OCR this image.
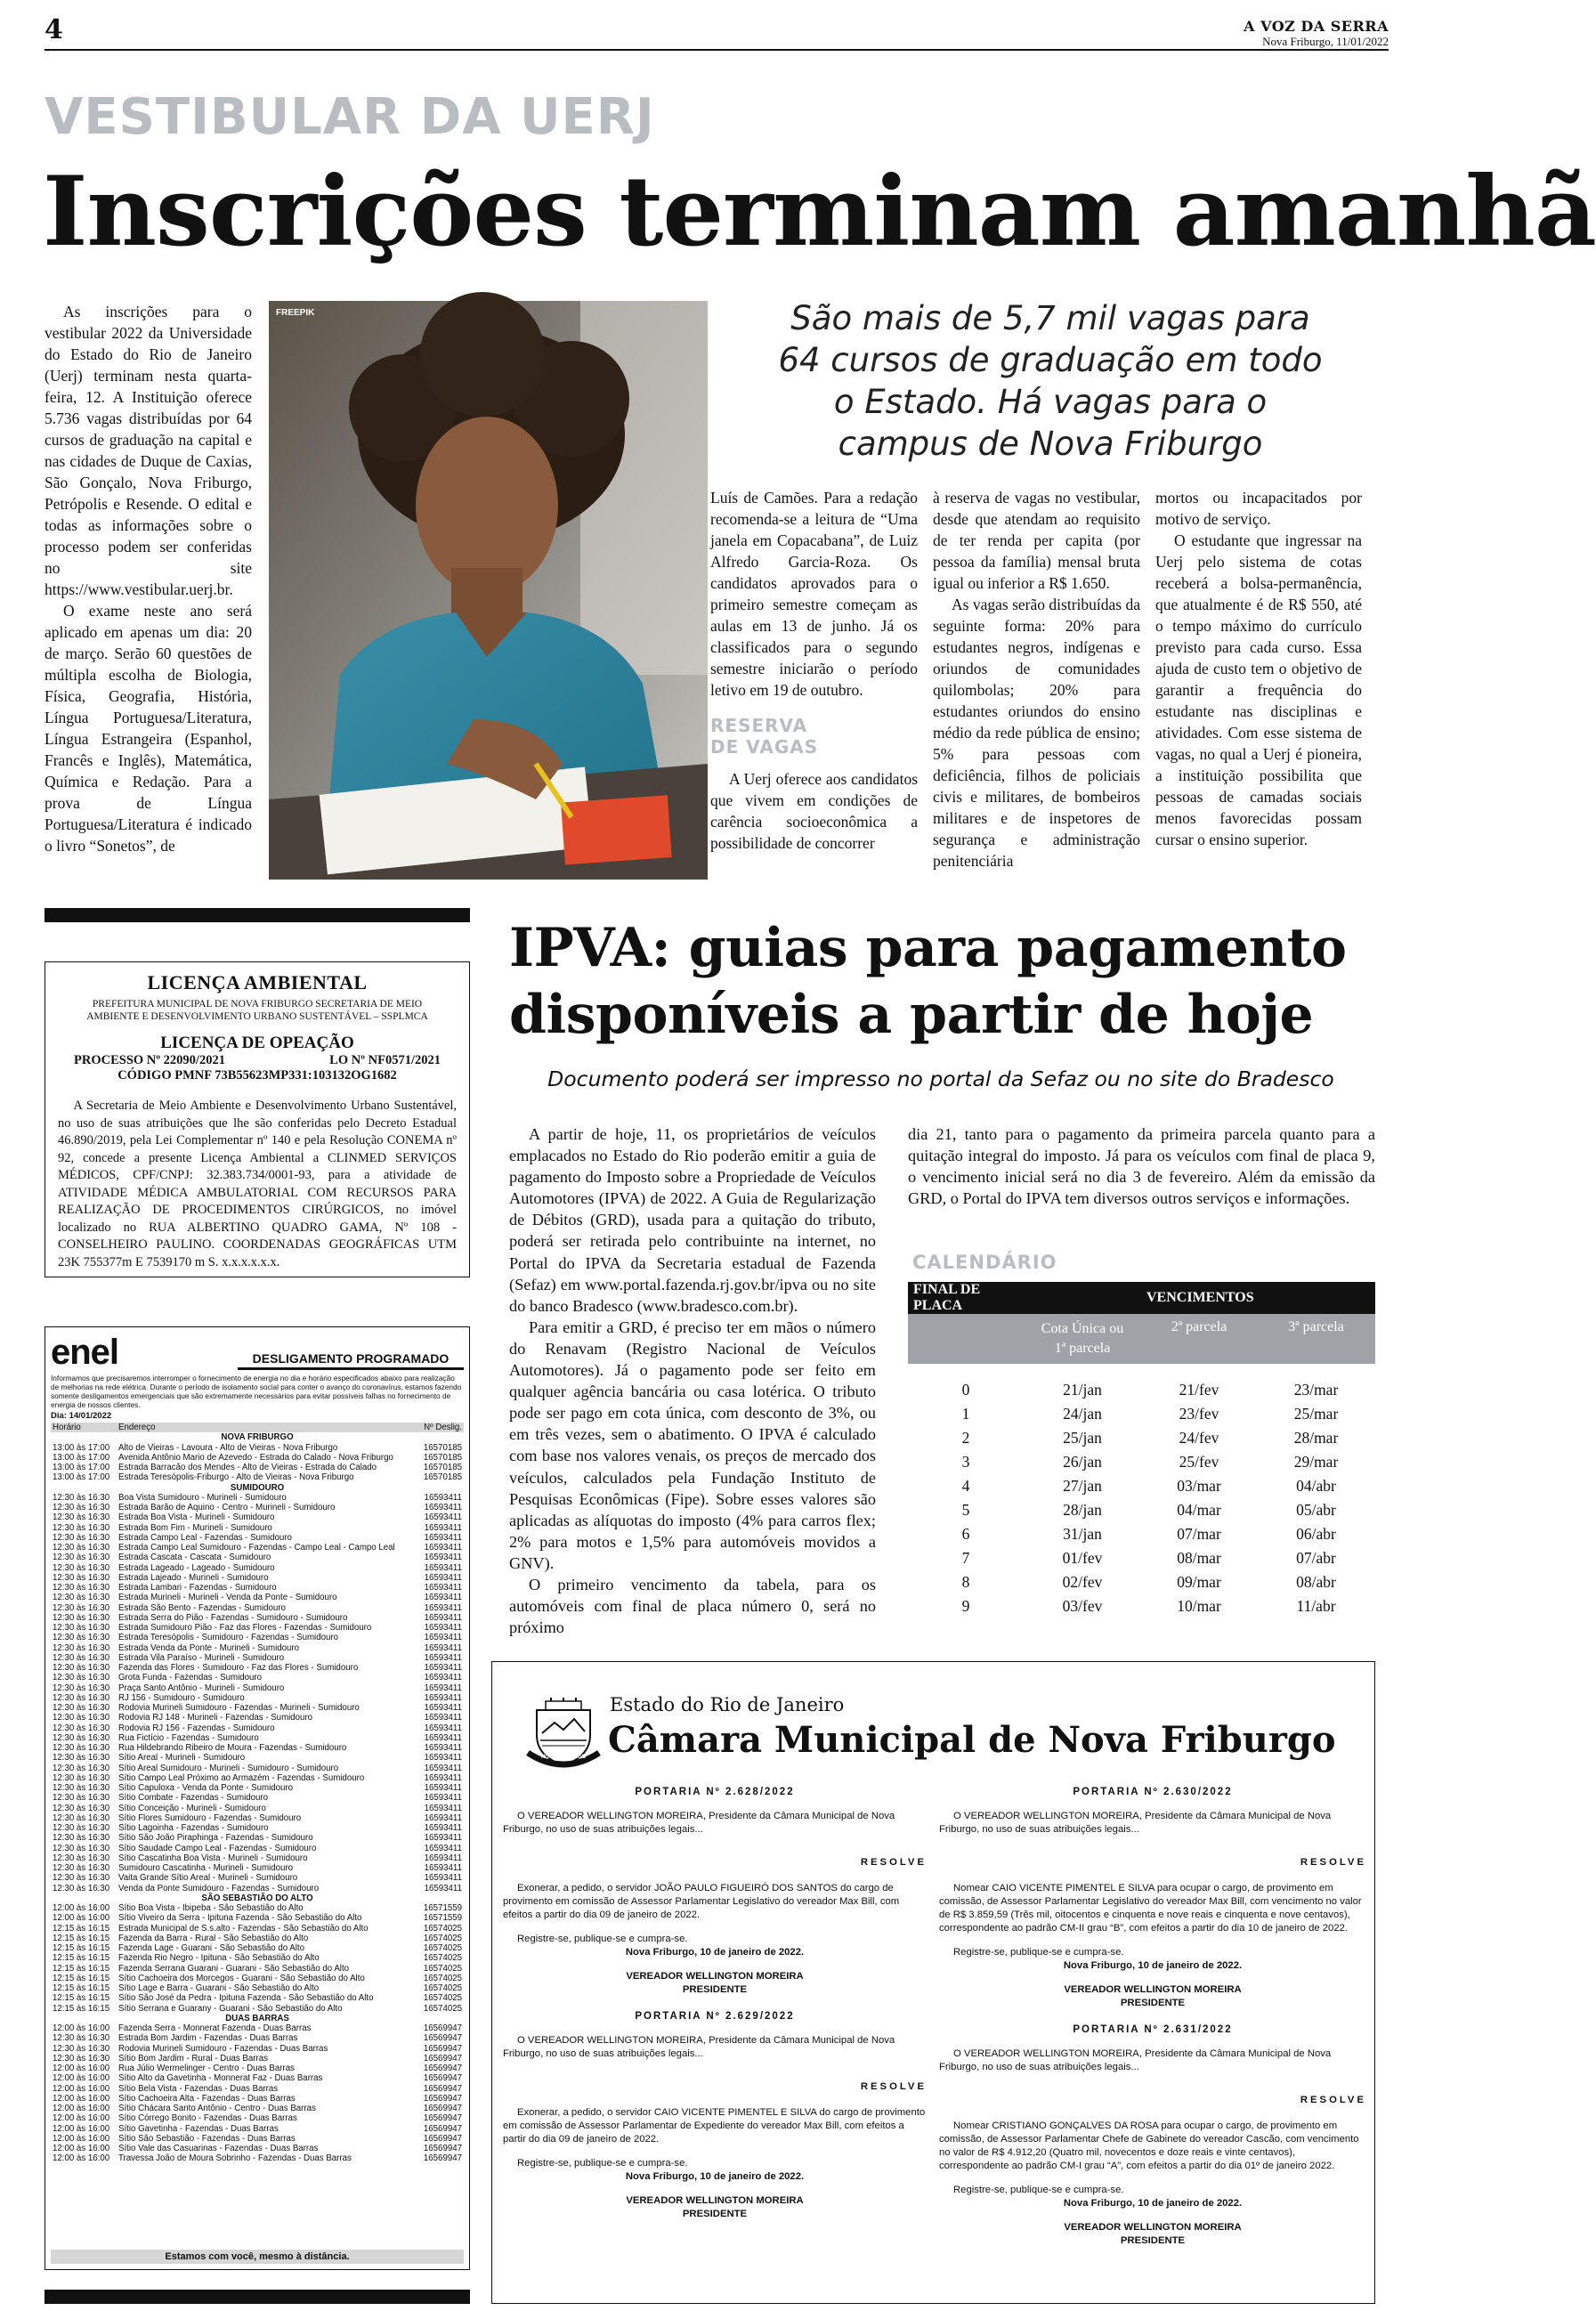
4	A VOZ DA SERRA
Nova Friburgo, 11/01/2022
VESTIBULAR DA UERJ
Inscrições terminam amanhã

As inscrições para o vestibular 2022 da Universidade do Estado do Rio de Janeiro (Uerj) terminam nesta quarta-feira, 12. A Instituição oferece 5.736 vagas distribuídas por 64 cursos de graduação na capital e nas cidades de Duque de Caxias, São Gonçalo, Nova Friburgo, Petrópolis e Resende. O edital e todas as informações sobre o processo podem ser conferidas no site https://www.vestibular.uerj.br.

O exame neste ano será aplicado em apenas um dia: 20 de março. Serão 60 questões de múltipla escolha de Biologia, Física, Geografia, História, Língua Portuguesa/Literatura, Língua Estrangeira (Espanhol, Francês e Inglês), Matemática, Química e Redação. Para a prova de Língua Portuguesa/Literatura é indicado o livro “Sonetos”, de

FREEPIK	São mais de 5,7 mil vagas para 64 cursos de graduação em todo o Estado. Há vagas para o campus de Nova Friburgo

Luís de Camões. Para a redação recomenda-se a leitura de “Uma janela em Copacabana”, de Luiz Alfredo Garcia-Roza. Os candidatos aprovados para o primeiro semestre começam as aulas em 13 de junho. Já os classificados para o segundo semestre iniciarão o período letivo em 19 de outubro.

RESERVA DE VAGAS

A Uerj oferece aos candidatos que vivem em condições de carência socioeconômica a possibilidade de concorrer

à reserva de vagas no vestibular, desde que atendam ao requisito de ter renda per capita (por pessoa da família) mensal bruta igual ou inferior a R$ 1.650.

As vagas serão distribuídas da seguinte forma: 20% para estudantes negros, indígenas e oriundos de comunidades quilombolas; 20% para estudantes oriundos do ensino médio da rede pública de ensino; 5% para pessoas com deficiência, filhos de policiais civis e militares, de bombeiros militares e de inspetores de segurança e administração penitenciária

mortos ou incapacitados por motivo de serviço.

O estudante que ingressar na Uerj pelo sistema de cotas receberá a bolsa-permanência, que atualmente é de R$ 550, até o tempo máximo do currículo previsto para cada curso. Essa ajuda de custo tem o objetivo de garantir a frequência do estudante nas disciplinas e atividades. Com esse sistema de vagas, no qual a Uerj é pioneira, a instituição possibilita que pessoas de camadas sociais menos favorecidas possam cursar o ensino superior.

LICENÇA AMBIENTAL
PREFEITURA MUNICIPAL DE NOVA FRIBURGO SECRETARIA DE MEIO AMBIENTE E DESENVOLVIMENTO URBANO SUSTENTÁVEL – SSPLMCA
LICENÇA DE OPEAÇÃO
PROCESSO Nº 22090/2021	LO Nº NF0571/2021
CÓDIGO PMNF 73B55623MP331:103132OG1682

A Secretaria de Meio Ambiente e Desenvolvimento Urbano Sustentável, no uso de suas atribuições que lhe são conferidas pelo Decreto Estadual 46.890/2019, pela Lei Complementar nº 140 e pela Resolução CONEMA nº 92, concede a presente Licença Ambiental a CLINMED SERVIÇOS MÉDICOS, CPF/CNPJ: 32.383.734/0001-93, para a atividade de ATIVIDADE MÉDICA AMBULATORIAL COM RECURSOS PARA REALIZAÇÃO DE PROCEDIMENTOS CIRÚRGICOS, no imóvel localizado no RUA ALBERTINO QUADRO GAMA, Nº 108 - CONSELHEIRO PAULINO. COORDENADAS GEOGRÁFICAS UTM 23K 755377m E 7539170 m S. x.x.x.x.x.x.

enel	DESLIGAMENTO PROGRAMADO

Informamos que precisaremos interromper o fornecimento de energia no dia e horário especificados abaixo para realização de melhorias na rede elétrica. Durante o período de isolamento social para conter o avanço do coronavírus, estamos fazendo somente desligamentos emergenciais que são extremamente necessários para evitar possíveis falhas no fornecimento de energia de nossos clientes.

Dia: 14/01/2022
Horário	Endereço	Nº Deslig.
NOVA FRIBURGO		
13:00 às 17:00	Alto de Vieiras - Lavoura - Alto de Vieiras - Nova Friburgo	16570185
13:00 às 17:00	Avenida Antônio Mario de Azevedo - Estrada do Calado - Nova Friburgo	16570185
13:00 às 17:00	Estrada Barracão dos Mendes - Alto de Vieiras - Estrada do Calado	16570185
13:00 às 17:00	Estrada Teresópolis-Friburgo - Alto de Vieiras - Nova Friburgo	16570185
SUMIDOURO		
12:30 às 16:30	Boa Vista Sumidouro - Murineli - Sumidouro	16593411
12:30 às 16:30	Estrada Barão de Aquino - Centro - Murineli - Sumidouro	16593411
12:30 às 16:30	Estrada Boa Vista - Murineli - Sumidouro	16593411
12:30 às 16:30	Estrada Bom Fim - Murineli - Sumidouro	16593411
12:30 às 16:30	Estrada Campo Leal - Fazendas - Sumidouro	16593411
12:30 às 16:30	Estrada Campo Leal Sumidouro - Fazendas - Campo Leal - Campo Leal	16593411
12:30 às 16:30	Estrada Cascata - Cascata - Sumidouro	16593411
12:30 às 16:30	Estrada Lageado - Lageado - Sumidouro	16593411
12:30 às 16:30	Estrada Lajeado - Murineli - Sumidouro	16593411
12:30 às 16:30	Estrada Lambari - Fazendas - Sumidouro	16593411
12:30 às 16:30	Estrada Murineli - Murineli - Venda da Ponte - Sumidouro	16593411
12:30 às 16:30	Estrada São Bento - Fazendas - Sumidouro	16593411
12:30 às 16:30	Estrada Serra do Pião - Fazendas - Sumidouro - Sumidouro	16593411
12:30 às 16:30	Estrada Sumidouro Pião - Faz das Flores - Fazendas - Sumidouro	16593411
12:30 às 16:30	Estrada Teresópolis - Sumidouro - Fazendas - Sumidouro	16593411
12:30 às 16:30	Estrada Venda da Ponte - Murineli - Sumidouro	16593411
12:30 às 16:30	Estrada Vila Paraíso - Murineli - Sumidouro	16593411
12:30 às 16:30	Fazenda das Flores - Sumidouro - Faz das Flores - Sumidouro	16593411
12:30 às 16:30	Grota Funda - Fazendas - Sumidouro	16593411
12:30 às 16:30	Praça Santo Antônio - Murineli - Sumidouro	16593411
12:30 às 16:30	RJ 156 - Sumidouro - Sumidouro	16593411
12:30 às 16:30	Rodovia Murineli Sumidouro - Fazendas - Murineli - Sumidouro	16593411
12:30 às 16:30	Rodovia RJ 148 - Murineli - Fazendas - Sumidouro	16593411
12:30 às 16:30	Rodovia RJ 156 - Fazendas - Sumidouro	16593411
12:30 às 16:30	Rua Fictício - Fazendas - Sumidouro	16593411
12:30 às 16:30	Rua Hildebrando Ribeiro de Moura - Fazendas - Sumidouro	16593411
12:30 às 16:30	Sítio Areal - Murineli - Sumidouro	16593411
12:30 às 16:30	Sítio Areal Sumidouro - Murineli - Sumidouro - Sumidouro	16593411
12:30 às 16:30	Sítio Campo Leal Próximo ao Armazém - Fazendas - Sumidouro	16593411
12:30 às 16:30	Sítio Capuloxa - Venda da Ponte - Sumidouro	16593411
12:30 às 16:30	Sítio Combate - Fazendas - Sumidouro	16593411
12:30 às 16:30	Sítio Conceição - Murineli - Sumidouro	16593411
12:30 às 16:30	Sítio Flores Sumidouro - Fazendas - Sumidouro	16593411
12:30 às 16:30	Sítio Lagoinha - Fazendas - Sumidouro	16593411
12:30 às 16:30	Sítio São João Piraphinga - Fazendas - Sumidouro	16593411
12:30 às 16:30	Sítio Saudade Campo Leal - Fazendas - Sumidouro	16593411
12:30 às 16:30	Sítio Cascatinha Boa Vista - Murineli - Sumidouro	16593411
12:30 às 16:30	Sumidouro Cascatinha - Murineli - Sumidouro	16593411
12:30 às 16:30	Vaita Grande Sítio Areal - Murineli - Sumidouro	16593411
12:30 às 16:30	Venda da Ponte Sumidouro - Fazendas - Sumidouro	16593411
SÃO SEBASTIÃO DO ALTO		
12:00 às 16:00	Sítio Boa Vista - Ibipeba - São Sebastião do Alto	16571559
12:00 às 16:00	Sítio Viveiro da Serra - Ipituna Fazenda - São Sebastião do Alto	16571559
12:15 às 16:15	Estrada Municipal de S.s.alto - Fazendas - São Sebastião do Alto	16574025
12:15 às 16:15	Fazenda da Barra - Rural - São Sebastião do Alto	16574025
12:15 às 16:15	Fazenda Lage - Guarani - São Sebastião do Alto	16574025
12:15 às 16:15	Fazenda Rio Negro - Ipituna - São Sebastião do Alto	16574025
12:15 às 16:15	Fazenda Serrana Guarani - Guarani - São Sebastião do Alto	16574025
12:15 às 16:15	Sítio Cachoeira dos Morcegos - Guarani - São Sebastião do Alto	16574025
12:15 às 16:15	Sítio Lage e Barra - Guarani - São Sebastião do Alto	16574025
12:15 às 16:15	Sítio São José da Pedra - Ipituna Fazenda - São Sebastião do Alto	16574025
12:15 às 16:15	Sítio Serrana e Guarany - Guarani - São Sebastião do Alto	16574025
DUAS BARRAS		
12:00 às 16:00	Fazenda Serra - Monnerat Fazenda - Duas Barras	16569947
12:30 às 16:30	Estrada Bom Jardim - Fazendas - Duas Barras	16569947
12:30 às 16:30	Rodovia Murineli Sumidouro - Fazendas - Duas Barras	16569947
12:30 às 16:30	Sítio Bom Jardim - Rural - Duas Barras	16569947
12:00 às 16:00	Rua Júlio Wermelinger - Centro - Duas Barras	16569947
12:00 às 16:00	Sítio Alto da Gavetinha - Monnerat Faz - Duas Barras	16569947
12:00 às 16:00	Sítio Bela Vista - Fazendas - Duas Barras	16569947
12:00 às 16:00	Sítio Cachoeira Alta - Fazendas - Duas Barras	16569947
12:00 às 16:00	Sítio Chácara Santo Antônio - Centro - Duas Barras	16569947
12:00 às 16:00	Sítio Córrego Bonito - Fazendas - Duas Barras	16569947
12:00 às 16:00	Sítio Gavetinha - Fazendas - Duas Barras	16569947
12:00 às 16:00	Sítio São Sebastião - Fazendas - Duas Barras	16569947
12:00 às 16:00	Sítio Vale das Casuarinas - Fazendas - Duas Barras	16569947
12:00 às 16:00	Travessa João de Moura Sobrinho - Fazendas - Duas Barras	16569947
Estamos com você, mesmo à distância.
IPVA: guias para pagamento disponíveis a partir de hoje
Documento poderá ser impresso no portal da Sefaz ou no site do Bradesco

A partir de hoje, 11, os proprietários de veículos emplacados no Estado do Rio poderão emitir a guia de pagamento do Imposto sobre a Propriedade de Veículos Automotores (IPVA) de 2022. A Guia de Regularização de Débitos (GRD), usada para a quitação do tributo, poderá ser retirada pelo contribuinte na internet, no Portal do IPVA da Secretaria estadual de Fazenda (Sefaz) em www.portal.fazenda.rj.gov.br/ipva ou no site do banco Bradesco (www.bradesco.com.br).

Para emitir a GRD, é preciso ter em mãos o número do Renavam (Registro Nacional de Veículos Automotores). Já o pagamento pode ser feito em qualquer agência bancária ou casa lotérica. O tributo pode ser pago em cota única, com desconto de 3%, ou em três vezes, sem o abatimento. O IPVA é calculado com base nos valores venais, os preços de mercado dos veículos, calculados pela Fundação Instituto de Pesquisas Econômicas (Fipe). Sobre esses valores são aplicadas as alíquotas do imposto (4% para carros flex; 2% para motos e 1,5% para automóveis movidos a GNV).

O primeiro vencimento da tabela, para os automóveis com final de placa número 0, será no próximo

dia 21, tanto para o pagamento da primeira parcela quanto para a quitação integral do imposto. Já para os veículos com final de placa 9, o vencimento inicial será no dia 3 de fevereiro. Além da emissão da GRD, o Portal do IPVA tem diversos outros serviços e informações.

CALENDÁRIO
FINAL DE PLACA		VENCIMENTOS	
	Cota Única ou 1ª parcela	2ª parcela	3ª parcela

0	21/jan	21/fev	23/mar
1	24/jan	23/fev	25/mar
2	25/jan	24/fev	28/mar
3	26/jan	25/fev	29/mar
4	27/jan	03/mar	04/abr
5	28/jan	04/mar	05/abr
6	31/jan	07/mar	06/abr
7	01/fev	08/mar	07/abr
8	02/fev	09/mar	08/abr
9	03/fev	10/mar	11/abr
NOVA FRIBURGO
Estado do Rio de Janeiro
Câmara Municipal de Nova Friburgo
PORTARIA Nº 2.628/2022

O VEREADOR WELLINGTON MOREIRA, Presidente da Câmara Municipal de Nova Friburgo, no uso de suas atribuições legais...

RESOLVE

Exonerar, a pedido, o servidor JOÃO PAULO FIGUEIRÓ DOS SANTOS do cargo de provimento em comissão de Assessor Parlamentar Legislativo do vereador Max Bill, com efeitos a partir do dia 09 de janeiro de 2022.

Registre-se, publique-se e cumpra-se.

Nova Friburgo, 10 de janeiro de 2022.

VEREADOR WELLINGTON MOREIRA

PRESIDENTE

PORTARIA Nº 2.629/2022

O VEREADOR WELLINGTON MOREIRA, Presidente da Câmara Municipal de Nova Friburgo, no uso de suas atribuições legais...

RESOLVE

Exonerar, a pedido, o servidor CAIO VICENTE PIMENTEL E SILVA do cargo de provimento em comissão de Assessor Parlamentar de Expediente do vereador Max Bill, com efeitos a partir do dia 09 de janeiro de 2022.

Registre-se, publique-se e cumpra-se.

Nova Friburgo, 10 de janeiro de 2022.

VEREADOR WELLINGTON MOREIRA

PRESIDENTE

PORTARIA Nº 2.630/2022

O VEREADOR WELLINGTON MOREIRA, Presidente da Câmara Municipal de Nova Friburgo, no uso de suas atribuições legais...

RESOLVE

Nomear CAIO VICENTE PIMENTEL E SILVA para ocupar o cargo, de provimento em comissão, de Assessor Parlamentar Legislativo do vereador Max Bill, com vencimento no valor de R$ 3.859,59 (Três mil, oitocentos e cinquenta e nove reais e cinquenta e nove centavos), correspondente ao padrão CM-II grau “B”, com efeitos a partir do dia 10 de janeiro de 2022.

Registre-se, publique-se e cumpra-se.

Nova Friburgo, 10 de janeiro de 2022.

VEREADOR WELLINGTON MOREIRA

PRESIDENTE

PORTARIA Nº 2.631/2022

O VEREADOR WELLINGTON MOREIRA, Presidente da Câmara Municipal de Nova Friburgo, no uso de suas atribuições legais...

RESOLVE

Nomear CRISTIANO GONÇALVES DA ROSA para ocupar o cargo, de provimento em comissão, de Assessor Parlamentar Chefe de Gabinete do vereador Cascão, com vencimento no valor de R$ 4.912,20 (Quatro mil, novecentos e doze reais e vinte centavos), correspondente ao padrão CM-I grau “A”, com efeitos a partir do dia 01º de janeiro 2022.

Registre-se, publique-se e cumpra-se.

Nova Friburgo, 10 de janeiro de 2022.

VEREADOR WELLINGTON MOREIRA

PRESIDENTE
